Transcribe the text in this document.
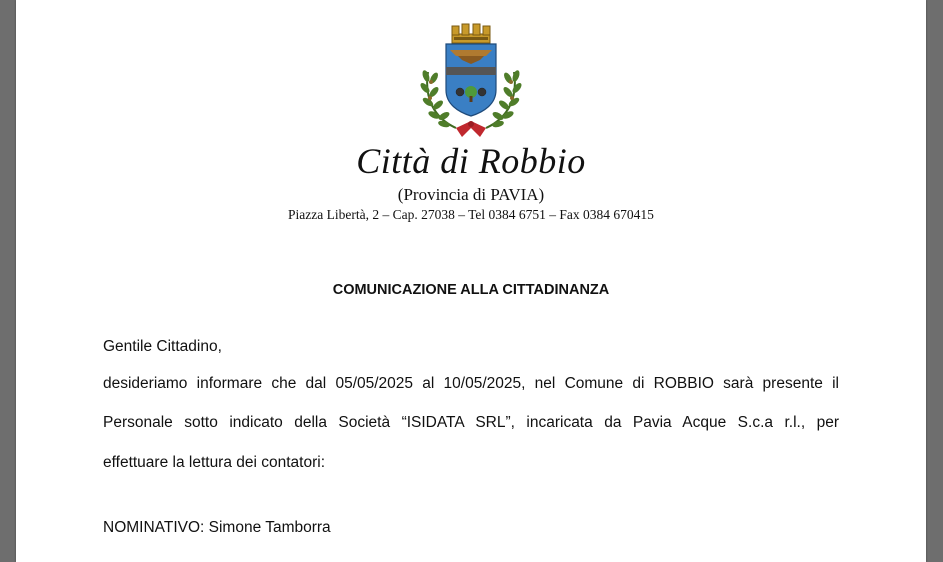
Città di Robbio
(Provincia di PAVIA)
Piazza Libertà, 2 – Cap. 27038 – Tel 0384 6751 – Fax 0384 670415
COMUNICAZIONE ALLA CITTADINANZA
Gentile Cittadino,
desideriamo informare che dal 05/05/2025 al 10/05/2025, nel Comune di ROBBIO sarà presente il
Personale sotto indicato della Società “ISIDATA SRL”, incaricata da Pavia Acque S.c.a r.l., per
effettuare la lettura dei contatori:
NOMINATIVO: Simone Tamborra
